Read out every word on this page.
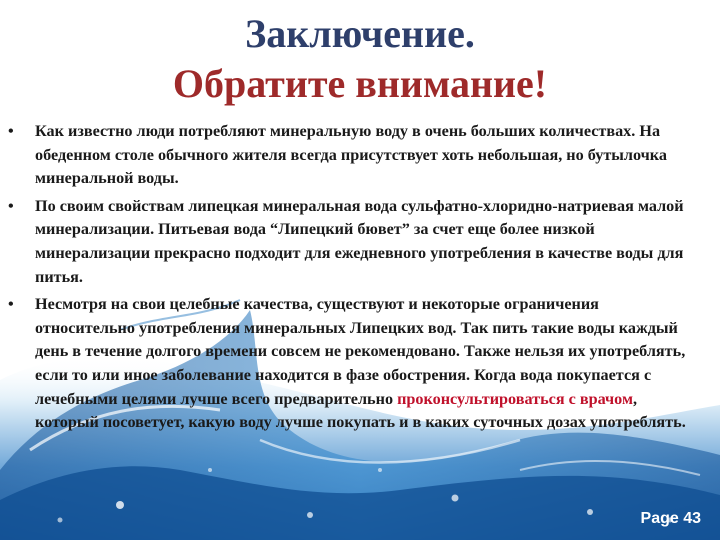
Заключение.
Обратите внимание!
• Как известно люди потребляют минеральную воду в очень больших количествах. На обеденном столе обычного жителя всегда присутствует хоть небольшая, но бутылочка минеральной воды.
• По своим свойствам липецкая минеральная вода сульфатно-хлоридно-натриевая малой минерализации. Питьевая вода “Липецкий бювет” за счет еще более низкой минерализации прекрасно подходит для ежедневного употребления в качестве воды для питья.
• Несмотря на свои целебные качества, существуют и некоторые ограничения относительно употребления минеральных Липецких вод. Так пить такие воды каждый день в течение долгого времени совсем не рекомендовано. Также нельзя их употреблять, если то или иное заболевание находится в фазе обострения. Когда вода покупается с лечебными целями лучше всего предварительно проконсультироваться с врачом, который посоветует, какую воду лучше покупать и в каких суточных дозах употреблять.
Page 43
